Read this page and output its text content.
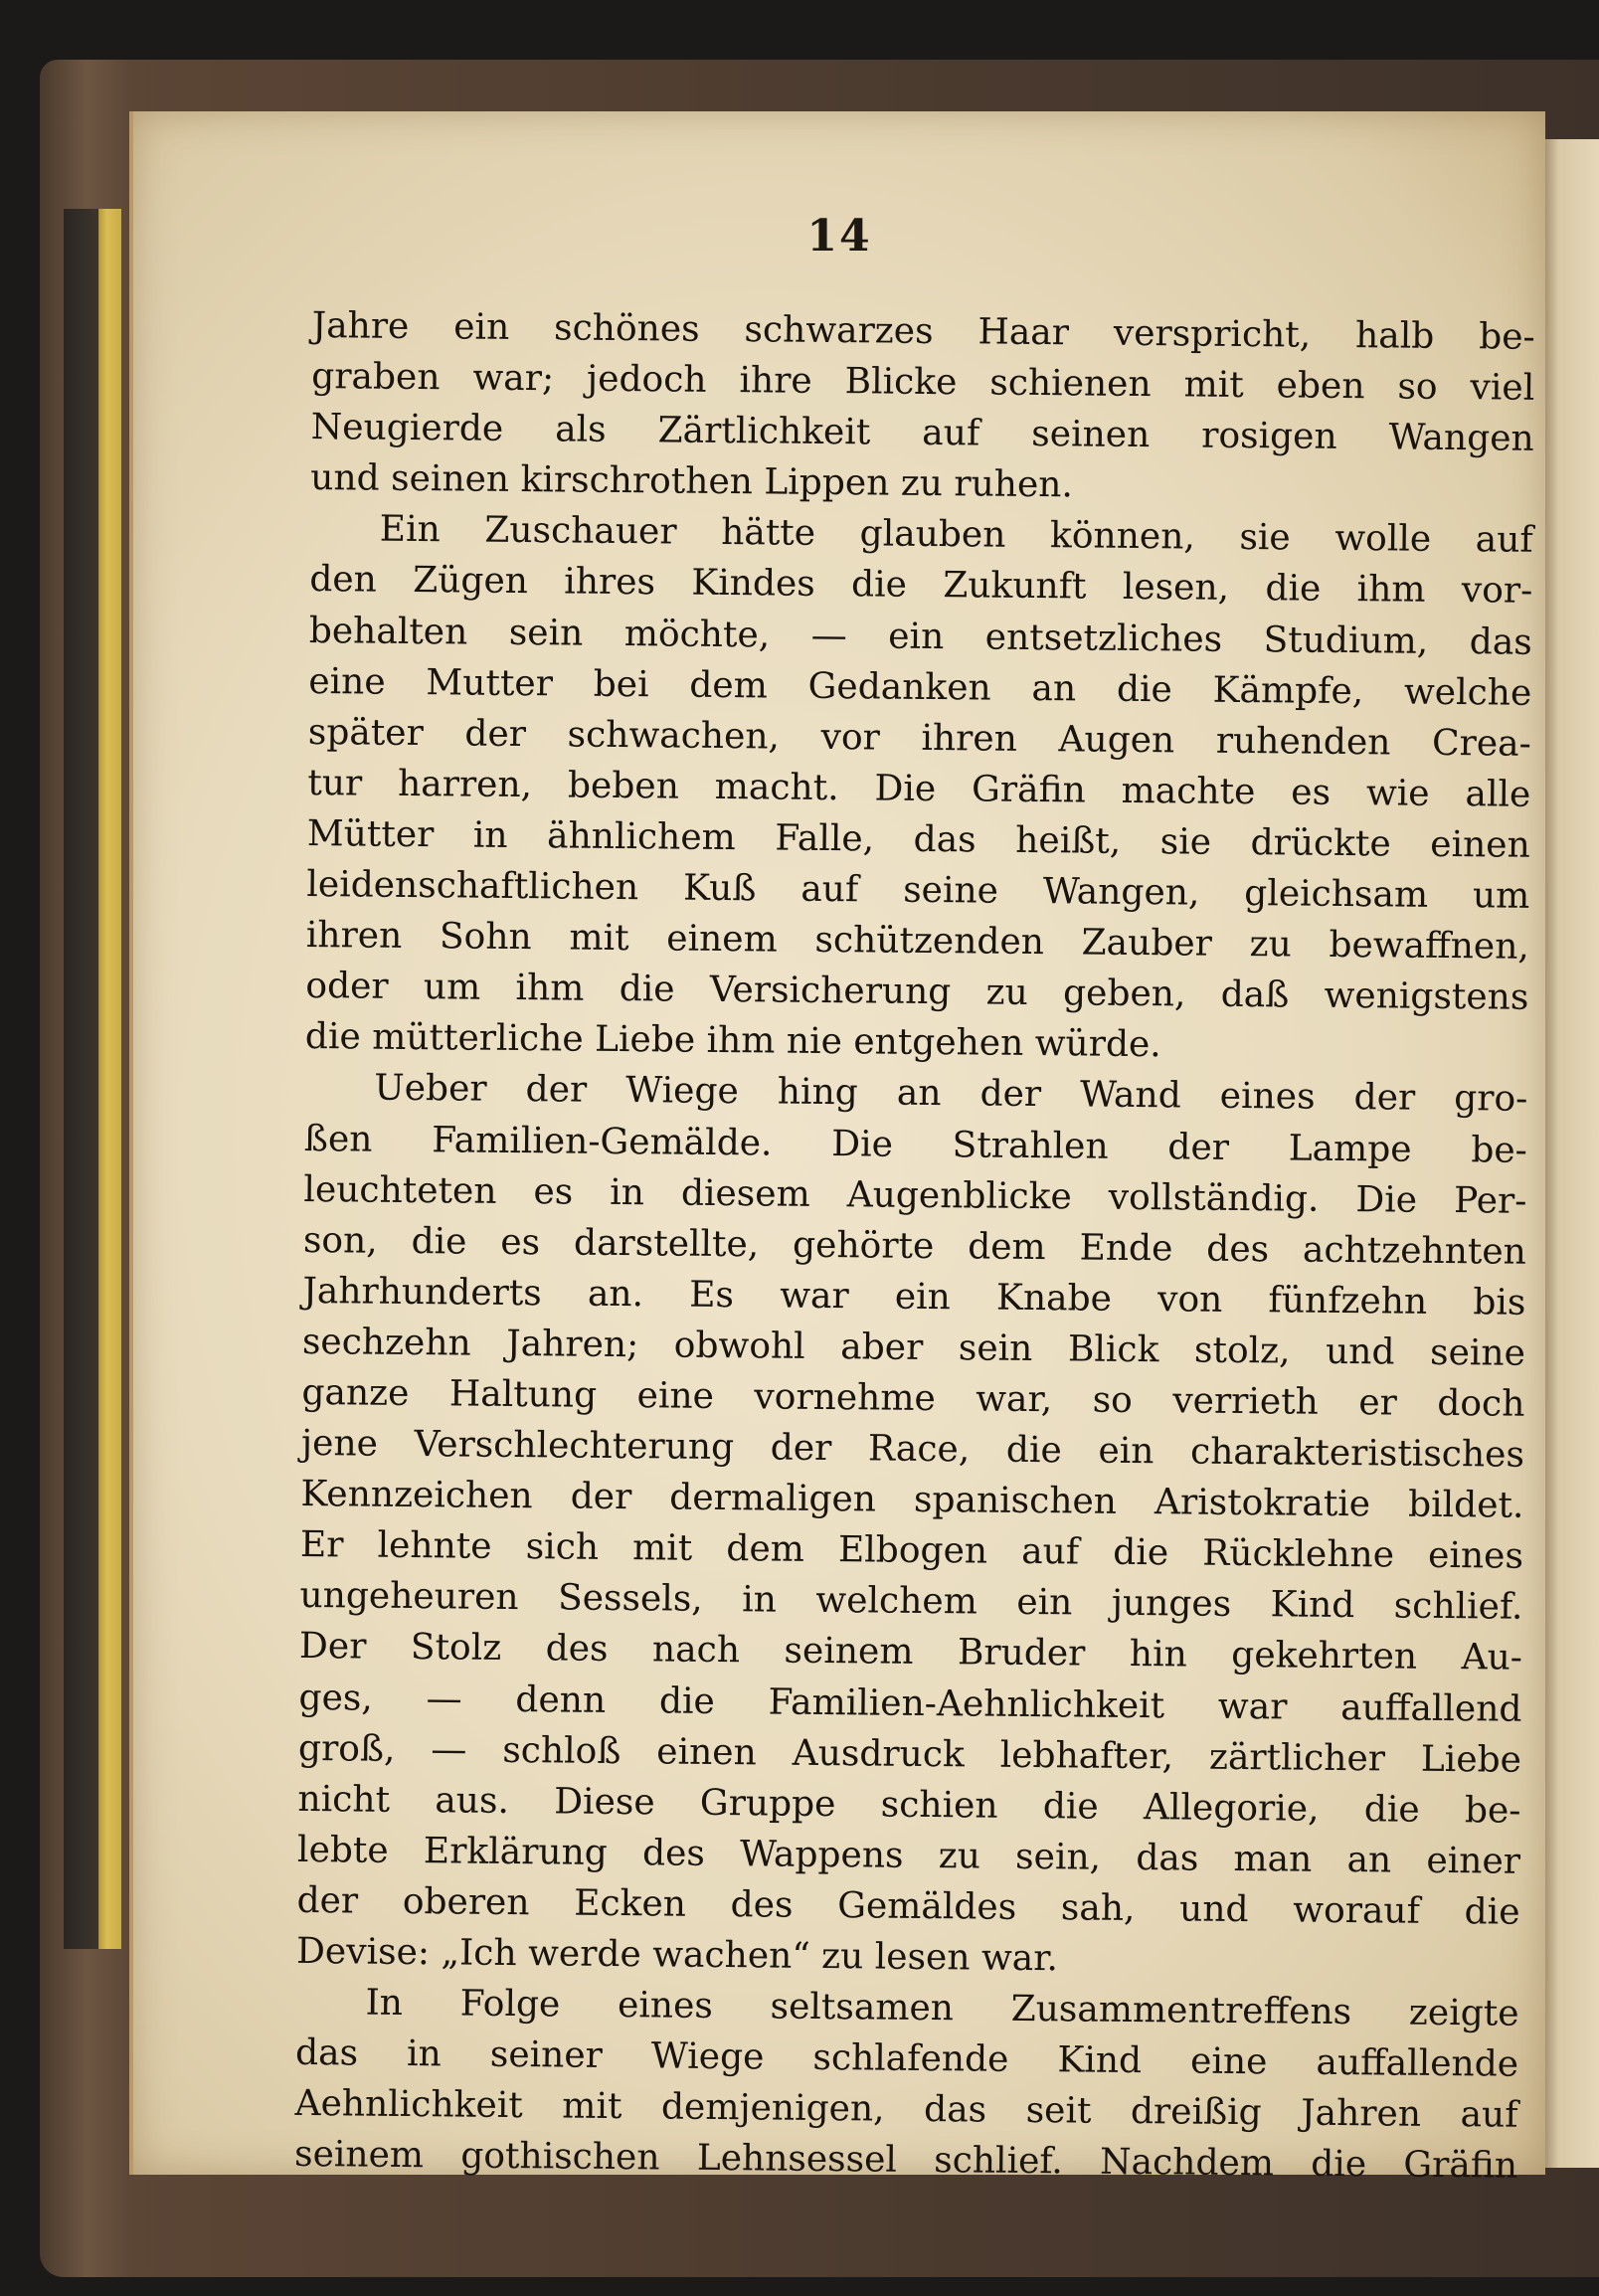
14
Jahre ein schönes schwarzes Haar verspricht, halb be-
graben war; jedoch ihre Blicke schienen mit eben so viel
Neugierde als Zärtlichkeit auf seinen rosigen Wangen
und seinen kirschrothen Lippen zu ruhen.
Ein Zuschauer hätte glauben können, sie wolle auf
den Zügen ihres Kindes die Zukunft lesen, die ihm vor-
behalten sein möchte, — ein entsetzliches Studium, das
eine Mutter bei dem Gedanken an die Kämpfe, welche
später der schwachen, vor ihren Augen ruhenden Crea-
tur harren, beben macht. Die Gräfin machte es wie alle
Mütter in ähnlichem Falle, das heißt, sie drückte einen
leidenschaftlichen Kuß auf seine Wangen, gleichsam um
ihren Sohn mit einem schützenden Zauber zu bewaffnen,
oder um ihm die Versicherung zu geben, daß wenigstens
die mütterliche Liebe ihm nie entgehen würde.
Ueber der Wiege hing an der Wand eines der gro-
ßen Familien-Gemälde. Die Strahlen der Lampe be-
leuchteten es in diesem Augenblicke vollständig. Die Per-
son, die es darstellte, gehörte dem Ende des achtzehnten
Jahrhunderts an. Es war ein Knabe von fünfzehn bis
sechzehn Jahren; obwohl aber sein Blick stolz, und seine
ganze Haltung eine vornehme war, so verrieth er doch
jene Verschlechterung der Race, die ein charakteristisches
Kennzeichen der dermaligen spanischen Aristokratie bildet.
Er lehnte sich mit dem Elbogen auf die Rücklehne eines
ungeheuren Sessels, in welchem ein junges Kind schlief.
Der Stolz des nach seinem Bruder hin gekehrten Au-
ges, — denn die Familien-Aehnlichkeit war auffallend
groß, — schloß einen Ausdruck lebhafter, zärtlicher Liebe
nicht aus. Diese Gruppe schien die Allegorie, die be-
lebte Erklärung des Wappens zu sein, das man an einer
der oberen Ecken des Gemäldes sah, und worauf die
Devise: „Ich werde wachen“ zu lesen war.
In Folge eines seltsamen Zusammentreffens zeigte
das in seiner Wiege schlafende Kind eine auffallende
Aehnlichkeit mit demjenigen, das seit dreißig Jahren auf
seinem gothischen Lehnsessel schlief. Nachdem die Gräfin
